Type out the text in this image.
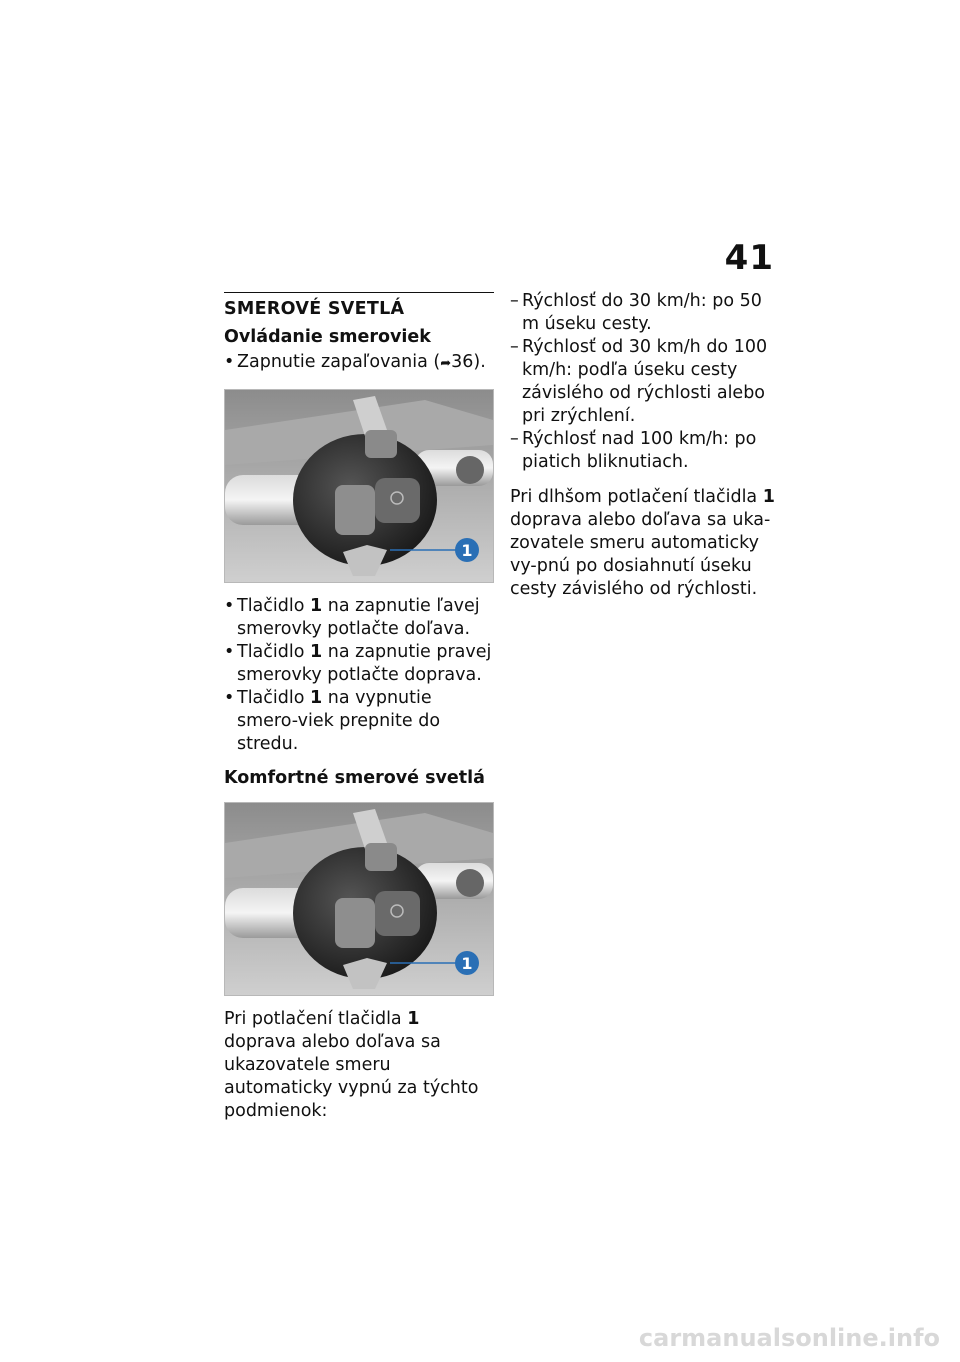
41
SMEROVÉ SVETLÁ
Ovládanie smeroviek
• Zapnutie zapaľovania (➦36).
1
• Tlačidlo 1 na zapnutie ľavej smerovky potlačte doľava.
• Tlačidlo 1 na zapnutie pravej smerovky potlačte doprava.
• Tlačidlo 1 na vypnutie smero-viek prepnite do stredu.
Komfortné smerové svetlá
1
Pri potlačení tlačidla 1 doprava alebo doľava sa ukazovatele smeru automaticky vypnú za týchto podmienok:
– Rýchlosť do 30 km/h: po 50 m úseku cesty.
– Rýchlosť od 30 km/h do 100 km/h: podľa úseku cesty závislého od rýchlosti alebo pri zrýchlení.
– Rýchlosť nad 100 km/h: po piatich bliknutiach.
Pri dlhšom potlačení tlačidla 1 doprava alebo doľava sa uka-zovatele smeru automaticky vy-pnú po dosiahnutí úseku cesty závislého od rýchlosti.
carmanualsonline.info
